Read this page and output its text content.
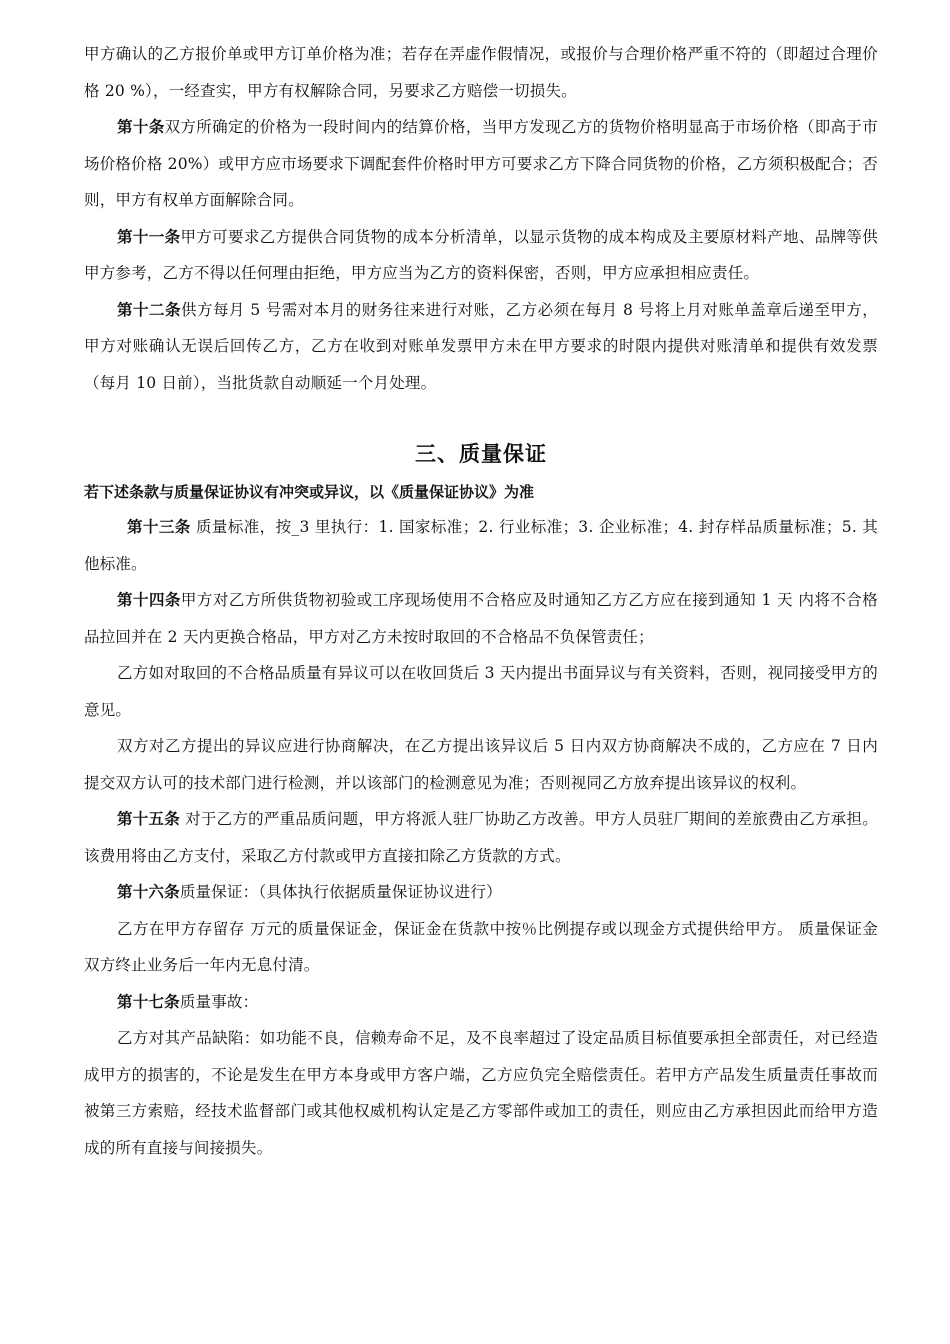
甲方确认的乙方报价单或甲方订单价格为准；若存在弄虚作假情况，或报价与合理价格严重不符的（即超过合理价格 20 %），一经查实，甲方有权解除合同，另要求乙方赔偿一切损失。

第十条双方所确定的价格为一段时间内的结算价格，当甲方发现乙方的货物价格明显高于市场价格（即高于市场价格价格 20%）或甲方应市场要求下调配套件价格时甲方可要求乙方下降合同货物的价格，乙方须积极配合；否则，甲方有权单方面解除合同。

第十一条甲方可要求乙方提供合同货物的成本分析清单，以显示货物的成本构成及主要原材料产地、品牌等供甲方参考，乙方不得以任何理由拒绝，甲方应当为乙方的资料保密，否则，甲方应承担相应责任。

第十二条供方每月 5 号需对本月的财务往来进行对账，乙方必须在每月 8 号将上月对账单盖章后递至甲方，甲方对账确认无误后回传乙方，乙方在收到对账单发票甲方未在甲方要求的时限内提供对账清单和提供有效发票（每月 10 日前），当批货款自动顺延一个月处理。

三、质量保证

若下述条款与质量保证协议有冲突或异议，以《质量保证协议》为准

第十三条 质量标准，按_3 里执行：1. 国家标准；2. 行业标准；3. 企业标准；4. 封存样品质量标准；5. 其他标准。

第十四条甲方对乙方所供货物初验或工序现场使用不合格应及时通知乙方乙方应在接到通知 1 天 内将不合格品拉回并在 2 天内更换合格品，甲方对乙方未按时取回的不合格品不负保管责任；

乙方如对取回的不合格品质量有异议可以在收回货后 3 天内提出书面异议与有关资料，否则，视同接受甲方的意见。

双方对乙方提出的异议应进行协商解决，在乙方提出该异议后 5 日内双方协商解决不成的，乙方应在 7 日内提交双方认可的技术部门进行检测，并以该部门的检测意见为准；否则视同乙方放弃提出该异议的权利。

第十五条 对于乙方的严重品质问题，甲方将派人驻厂协助乙方改善。甲方人员驻厂期间的差旅费由乙方承担。该费用将由乙方支付，采取乙方付款或甲方直接扣除乙方货款的方式。

第十六条质量保证：（具体执行依据质量保证协议进行）

乙方在甲方存留存 万元的质量保证金，保证金在货款中按％比例提存或以现金方式提供给甲方。 质量保证金双方终止业务后一年内无息付清。

第十七条质量事故：

乙方对其产品缺陷：如功能不良，信赖寿命不足，及不良率超过了设定品质目标值要承担全部责任，对已经造成甲方的损害的，不论是发生在甲方本身或甲方客户端，乙方应负完全赔偿责任。若甲方产品发生质量责任事故而被第三方索赔，经技术监督部门或其他权威机构认定是乙方零部件或加工的责任，则应由乙方承担因此而给甲方造成的所有直接与间接损失。
